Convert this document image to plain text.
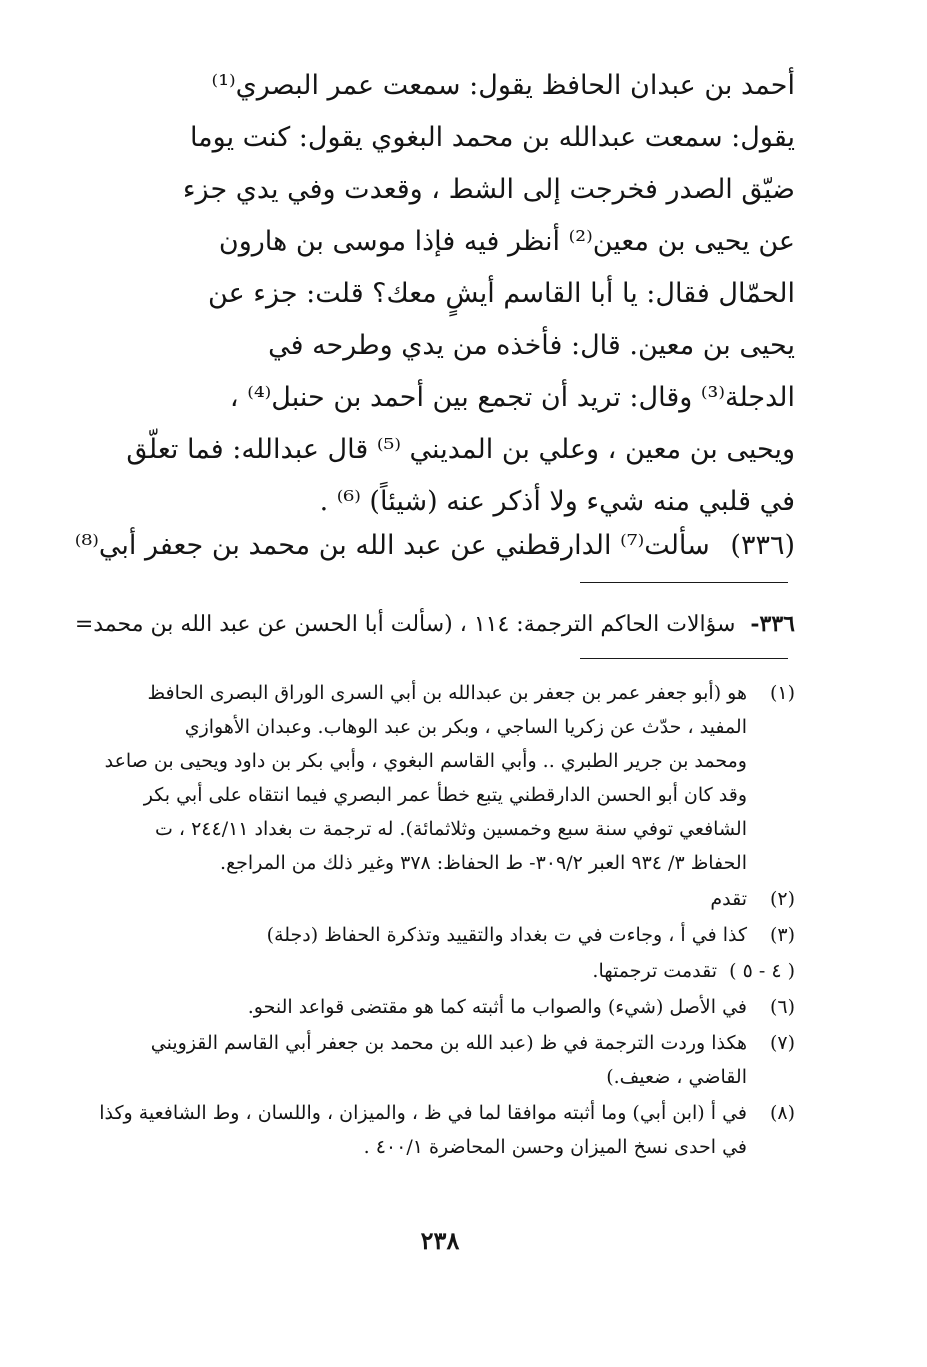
أحمد بن عبدان الحافظ يقول: سمعت عمر البصري⁽¹⁾
يقول: سمعت عبدالله بن محمد البغوي يقول: كنت يوما
ضيّق الصدر فخرجت إلى الشط ، وقعدت وفي يدي جزء
عن يحيى بن معين⁽²⁾ أنظر فيه فإذا موسى بن هارون
الحمّال فقال: يا أبا القاسم أيشٍ معك؟ قلت: جزء عن
يحيى بن معين. قال: فأخذه من يدي وطرحه في
الدجلة⁽³⁾ وقال: تريد أن تجمع بين أحمد بن حنبل⁽⁴⁾ ،
ويحيى بن معين ، وعلي بن المديني ⁽⁵⁾ قال عبدالله: فما تعلّق
في قلبي منه شيء ولا أذكر عنه (شيئاً) ⁽⁶⁾ .
(٣٣٦) سألت⁽⁷⁾ الدارقطني عن عبد الله بن محمد بن جعفر أبي⁽⁸⁾
٣٣٦- سؤالات الحاكم الترجمة: ١١٤ ، (سألت أبا الحسن عن عبد الله بن محمد=
(١)
هو (أبو جعفر عمر بن جعفر بن عبدالله بن أبي السرى الوراق البصرى الحافظ
المفيد ، حدّث عن زكريا الساجي ، وبكر بن عبد الوهاب. وعبدان الأهوازي
ومحمد بن جرير الطبري .. وأبي القاسم البغوي ، وأبي بكر بن داود ويحيى بن صاعد
وقد كان أبو الحسن الدارقطني يتبع خطأ عمر البصري فيما انتقاه على أبي بكر
الشافعي توفي سنة سبع وخمسين وثلاثمائة). له ترجمة ت بغداد ٢٤٤/١١ ، ت
الحفاظ ٣/ ٩٣٤ العبر ٣٠٩/٢- ط الحفاظ: ٣٧٨ وغير ذلك من المراجع.
(٢)
تقدم
(٣)
كذا في أ ، وجاءت في ت بغداد والتقييد وتذكرة الحفاظ (دجلة)
( ٤ - ٥ )
تقدمت ترجمتها.
(٦)
في الأصل (شيء) والصواب ما أثبته كما هو مقتضى قواعد النحو.
(٧)
هكذا وردت الترجمة في ظ (عبد الله بن محمد بن جعفر أبي القاسم القزويني
القاضي ، ضعيف.)
(٨)
في أ (ابن أبي) وما أثبته موافقا لما في ظ ، والميزان ، واللسان ، وط الشافعية وكذا
في احدى نسخ الميزان وحسن المحاضرة ٤٠٠/١ .
٢٣٨
